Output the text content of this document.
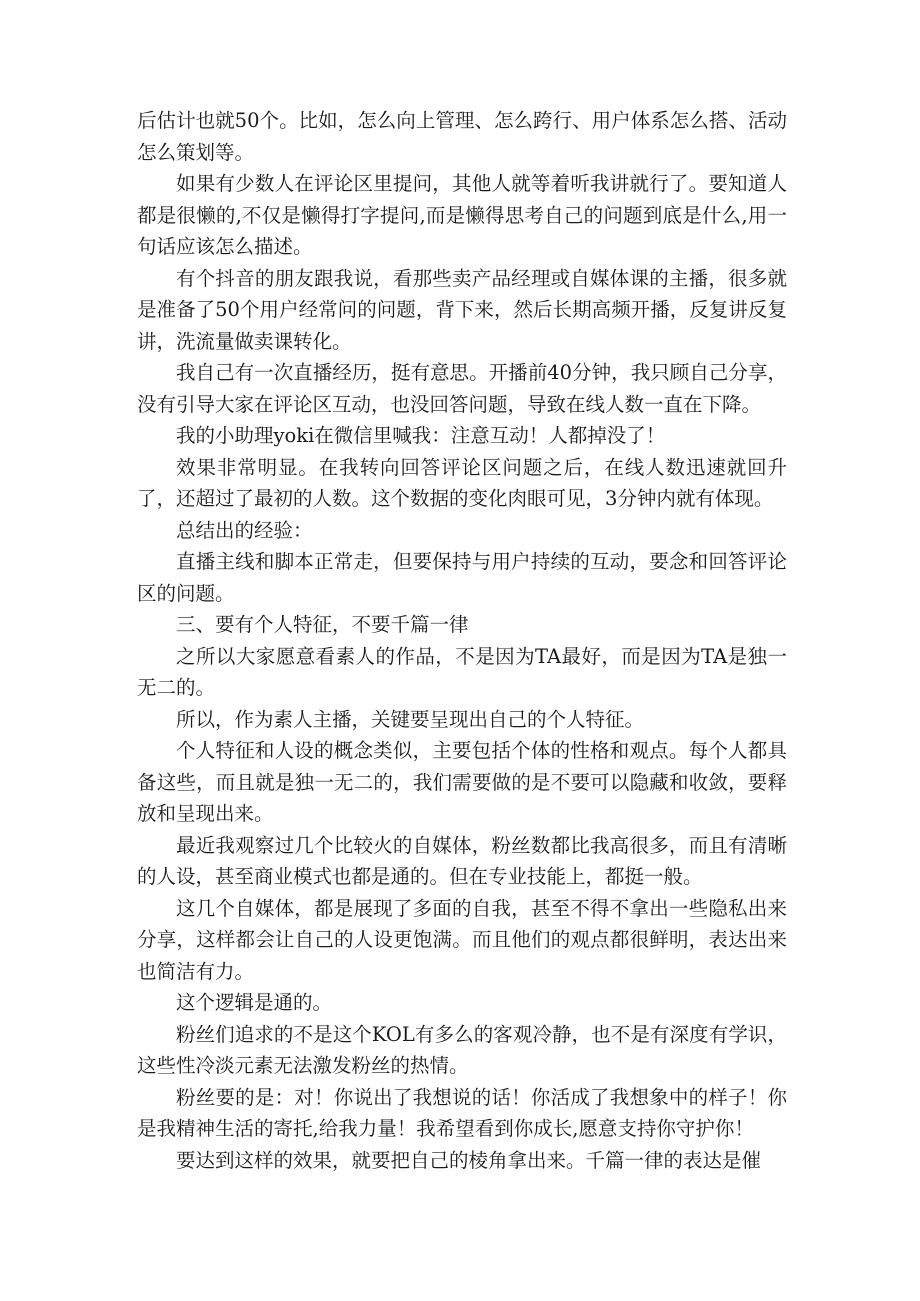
后估计也就50个。比如，怎么向上管理、怎么跨行、用户体系怎么搭、活动怎么策划等。

如果有少数人在评论区里提问，其他人就等着听我讲就行了。要知道人都是很懒的,不仅是懒得打字提问,而是懒得思考自己的问题到底是什么,用一句话应该怎么描述。

有个抖音的朋友跟我说，看那些卖产品经理或自媒体课的主播，很多就是准备了50个用户经常问的问题，背下来，然后长期高频开播，反复讲反复讲，洗流量做卖课转化。

我自己有一次直播经历，挺有意思。开播前40分钟，我只顾自己分享，没有引导大家在评论区互动，也没回答问题，导致在线人数一直在下降。

我的小助理yoki在微信里喊我：注意互动！人都掉没了！

效果非常明显。在我转向回答评论区问题之后，在线人数迅速就回升了，还超过了最初的人数。这个数据的变化肉眼可见，3分钟内就有体现。

总结出的经验：

直播主线和脚本正常走，但要保持与用户持续的互动，要念和回答评论区的问题。

三、要有个人特征，不要千篇一律

之所以大家愿意看素人的作品，不是因为TA最好，而是因为TA是独一无二的。

所以，作为素人主播，关键要呈现出自己的个人特征。

个人特征和人设的概念类似，主要包括个体的性格和观点。每个人都具备这些，而且就是独一无二的，我们需要做的是不要可以隐藏和收敛，要释放和呈现出来。

最近我观察过几个比较火的自媒体，粉丝数都比我高很多，而且有清晰的人设，甚至商业模式也都是通的。但在专业技能上，都挺一般。

这几个自媒体，都是展现了多面的自我，甚至不得不拿出一些隐私出来分享，这样都会让自己的人设更饱满。而且他们的观点都很鲜明，表达出来也简洁有力。

这个逻辑是通的。

粉丝们追求的不是这个KOL有多么的客观冷静，也不是有深度有学识，这些性冷淡元素无法激发粉丝的热情。

粉丝要的是：对！你说出了我想说的话！你活成了我想象中的样子！你是我精神生活的寄托,给我力量！我希望看到你成长,愿意支持你守护你！

要达到这样的效果，就要把自己的棱角拿出来。千篇一律的表达是催
